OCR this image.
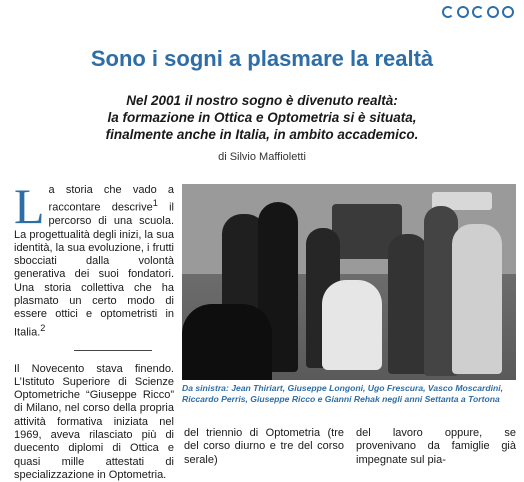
Sono i sogni a plasmare la realtà
Nel 2001 il nostro sogno è divenuto realtà:
la formazione in Ottica e Optometria si è situata,
finalmente anche in Italia, in ambito accademico.
di Silvio Maffioletti
L a storia che vado a raccontare descrive$^1$ il percorso di una scuola. La progettualità degli inizi, la sua identità, la sua evoluzione, i frutti sbocciati dalla volontà generativa dei suoi fondatori. Una storia collettiva che ha plasmato un certo modo di essere ottici e optometristi in Italia.$^2$

Il Novecento stava finendo. L’Istituto Superiore di Scienze Optometriche “Giuseppe Ricco” di Milano, nel corso della propria attività formativa iniziata nel 1969, aveva rilasciato più di duecento diplomi di Ottica e quasi mille attestati di specializzazione in Optometria.

Da sinistra: Jean Thiriart, Giuseppe Longoni, Ugo Frescura, Vasco Moscardini, Riccardo Perris, Giuseppe Ricco e Gianni Rehak negli anni Settanta a Tortona
del triennio di Optometria (tre del corso diurno e tre del corso serale)
del lavoro oppure, se provenivano da famiglie già impegnate sul pia-
